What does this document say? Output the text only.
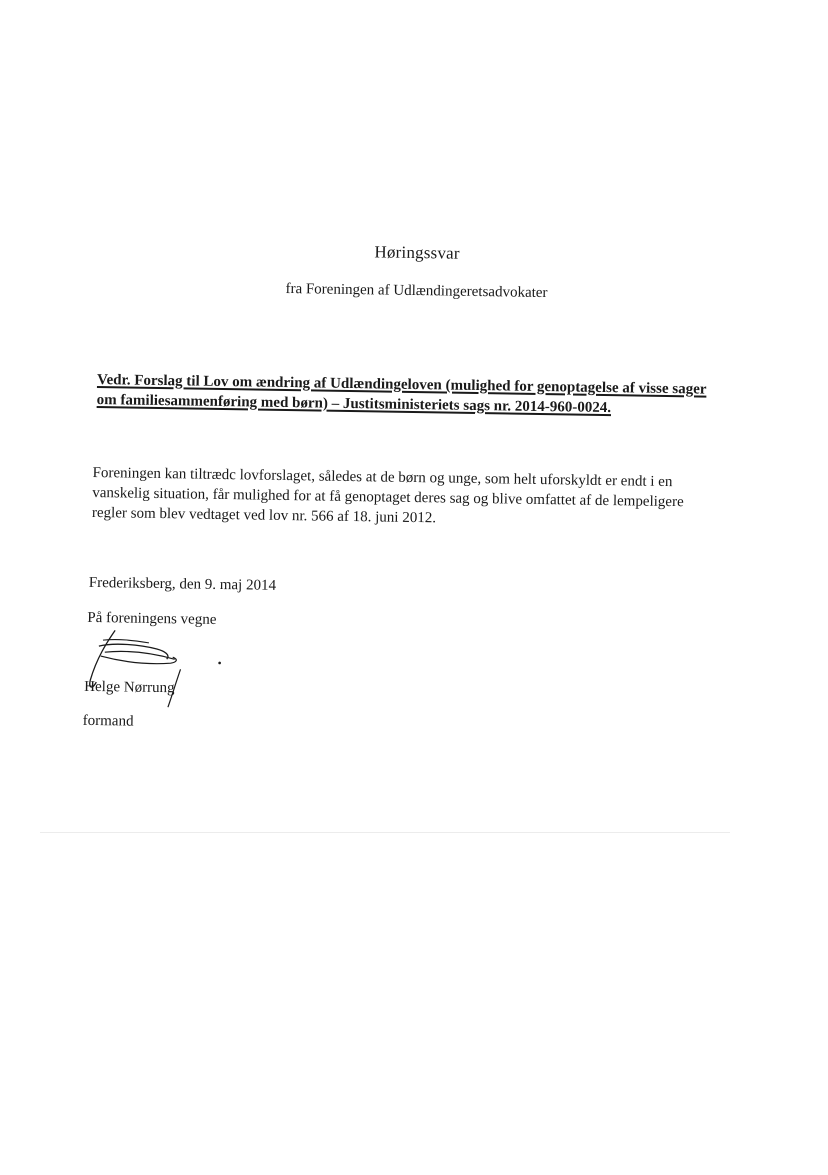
Høringssvar
fra Foreningen af Udlændingeretsadvokater
Vedr. Forslag til Lov om ændring af Udlændingeloven (mulighed for genoptagelse af visse sager om familiesammenføring med børn) – Justitsministeriets sags nr. 2014-960-0024.
Foreningen kan tiltrædc lovforslaget, således at de børn og unge, som helt uforskyldt er endt i en vanskelig situation, får mulighed for at få genoptaget deres sag og blive omfattet af de lempeligere regler som blev vedtaget ved lov nr. 566 af 18. juni 2012.
Frederiksberg, den 9. maj 2014
På foreningens vegne
Helge Nørrung
formand
